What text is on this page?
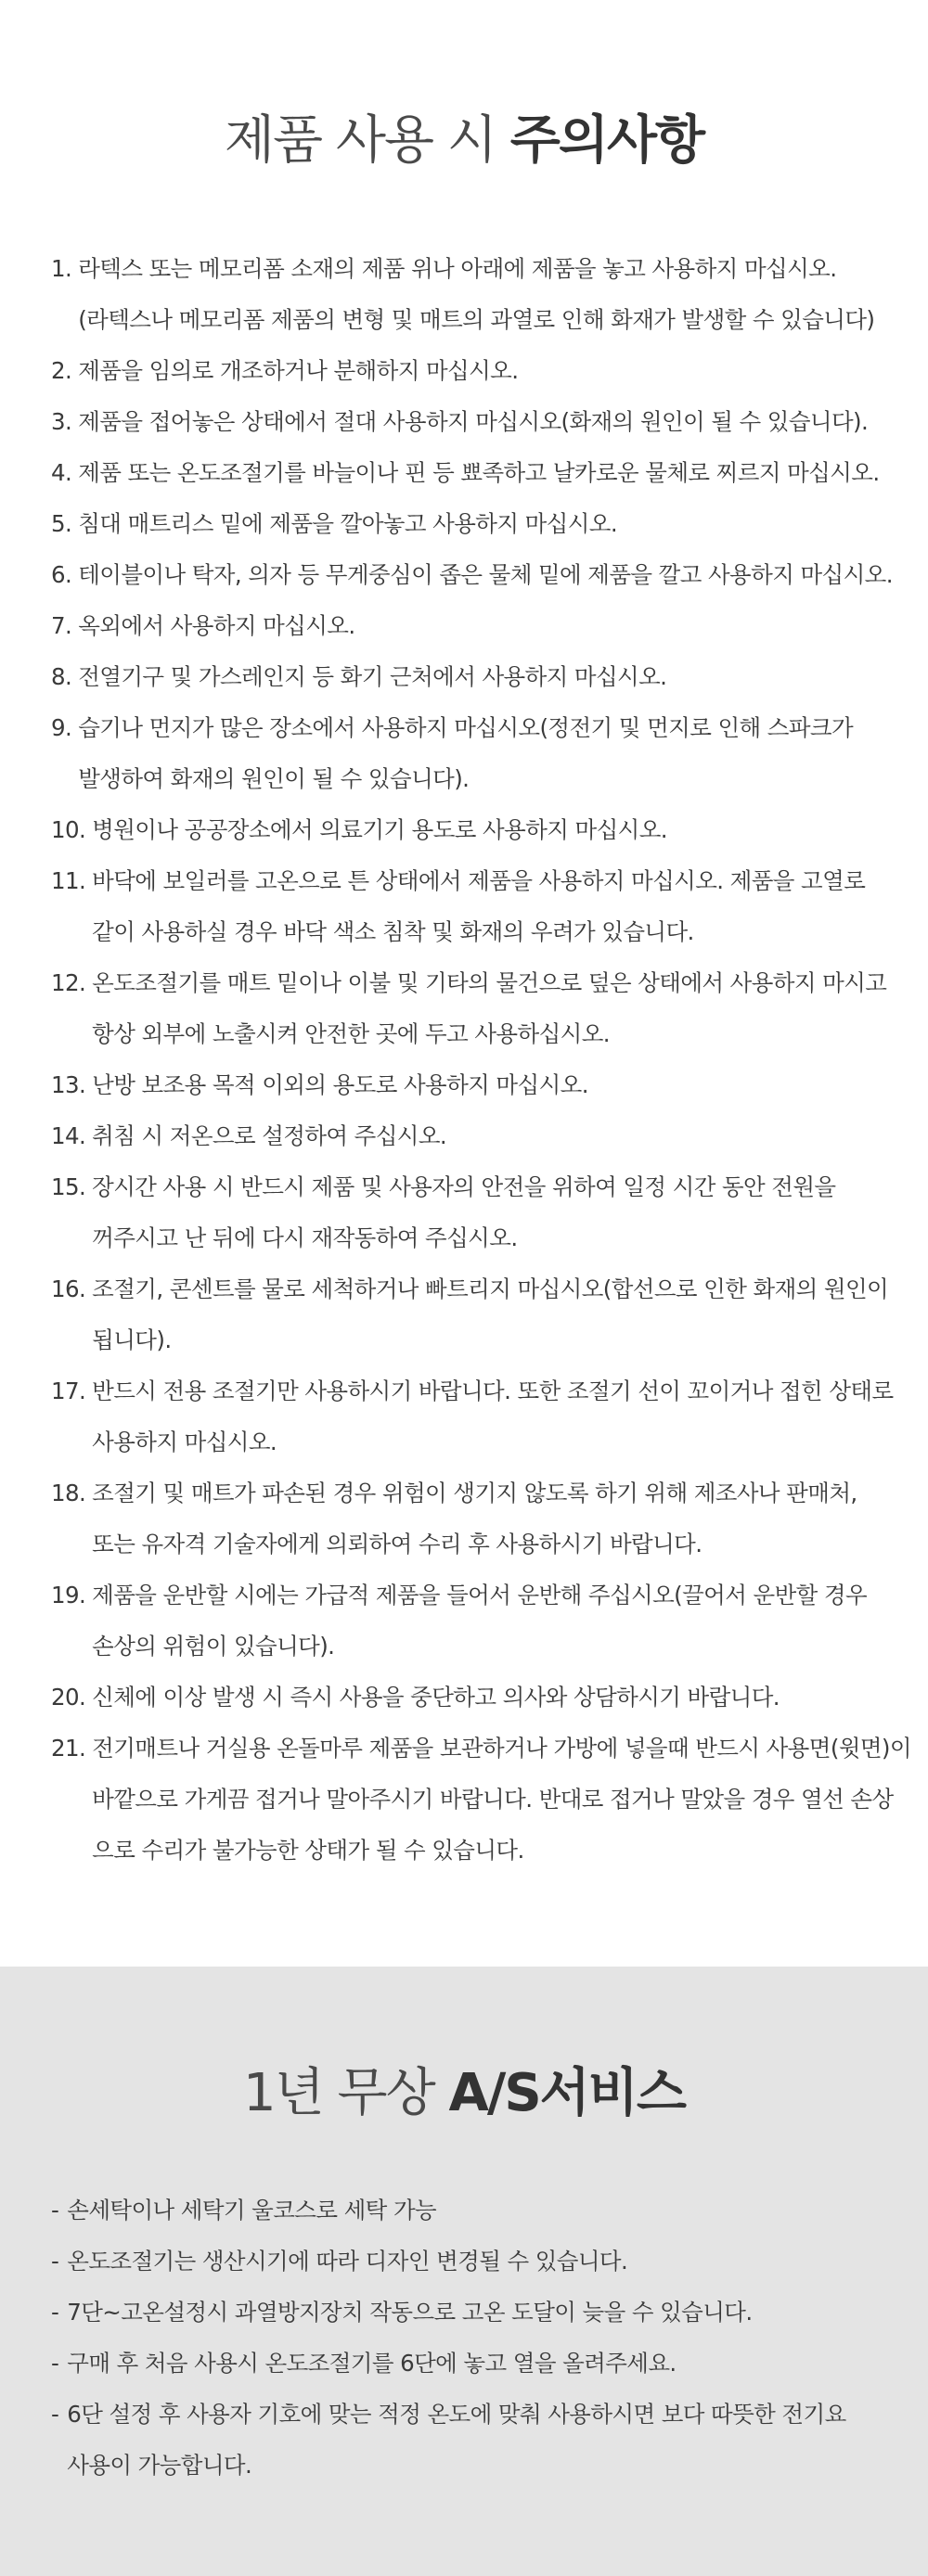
제품 사용 시 주의사항
1. 라텍스 또는 메모리폼 소재의 제품 위나 아래에 제품을 놓고 사용하지 마십시오.
(라텍스나 메모리폼 제품의 변형 및 매트의 과열로 인해 화재가 발생할 수 있습니다)
2. 제품을 임의로 개조하거나 분해하지 마십시오.
3. 제품을 접어놓은 상태에서 절대 사용하지 마십시오(화재의 원인이 될 수 있습니다).
4. 제품 또는 온도조절기를 바늘이나 핀 등 뾰족하고 날카로운 물체로 찌르지 마십시오.
5. 침대 매트리스 밑에 제품을 깔아놓고 사용하지 마십시오.
6. 테이블이나 탁자, 의자 등 무게중심이 좁은 물체 밑에 제품을 깔고 사용하지 마십시오.
7. 옥외에서 사용하지 마십시오.
8. 전열기구 및 가스레인지 등 화기 근처에서 사용하지 마십시오.
9. 습기나 먼지가 많은 장소에서 사용하지 마십시오(정전기 및 먼지로 인해 스파크가
발생하여 화재의 원인이 될 수 있습니다).
10. 병원이나 공공장소에서 의료기기 용도로 사용하지 마십시오.
11. 바닥에 보일러를 고온으로 튼 상태에서 제품을 사용하지 마십시오. 제품을 고열로
같이 사용하실 경우 바닥 색소 침착 및 화재의 우려가 있습니다.
12. 온도조절기를 매트 밑이나 이불 및 기타의 물건으로 덮은 상태에서 사용하지 마시고
항상 외부에 노출시켜 안전한 곳에 두고 사용하십시오.
13. 난방 보조용 목적 이외의 용도로 사용하지 마십시오.
14. 취침 시 저온으로 설정하여 주십시오.
15. 장시간 사용 시 반드시 제품 및 사용자의 안전을 위하여 일정 시간 동안 전원을
꺼주시고 난 뒤에 다시 재작동하여 주십시오.
16. 조절기, 콘센트를 물로 세척하거나 빠트리지 마십시오(합선으로 인한 화재의 원인이
됩니다).
17. 반드시 전용 조절기만 사용하시기 바랍니다. 또한 조절기 선이 꼬이거나 접힌 상태로
사용하지 마십시오.
18. 조절기 및 매트가 파손된 경우 위험이 생기지 않도록 하기 위해 제조사나 판매처,
또는 유자격 기술자에게 의뢰하여 수리 후 사용하시기 바랍니다.
19. 제품을 운반할 시에는 가급적 제품을 들어서 운반해 주십시오(끌어서 운반할 경우
손상의 위험이 있습니다).
20. 신체에 이상 발생 시 즉시 사용을 중단하고 의사와 상담하시기 바랍니다.
21. 전기매트나 거실용 온돌마루 제품을 보관하거나 가방에 넣을때 반드시 사용면(윗면)이
바깥으로 가게끔 접거나 말아주시기 바랍니다. 반대로 접거나 말았을 경우 열선 손상
으로 수리가 불가능한 상태가 될 수 있습니다.
1년 무상 A/S서비스
- 손세탁이나 세탁기 울코스로 세탁 가능
- 온도조절기는 생산시기에 따라 디자인 변경될 수 있습니다.
- 7단~고온설정시 과열방지장치 작동으로 고온 도달이 늦을 수 있습니다.
- 구매 후 처음 사용시 온도조절기를 6단에 놓고 열을 올려주세요.
- 6단 설정 후 사용자 기호에 맞는 적정 온도에 맞춰 사용하시면 보다 따뜻한 전기요
사용이 가능합니다.
